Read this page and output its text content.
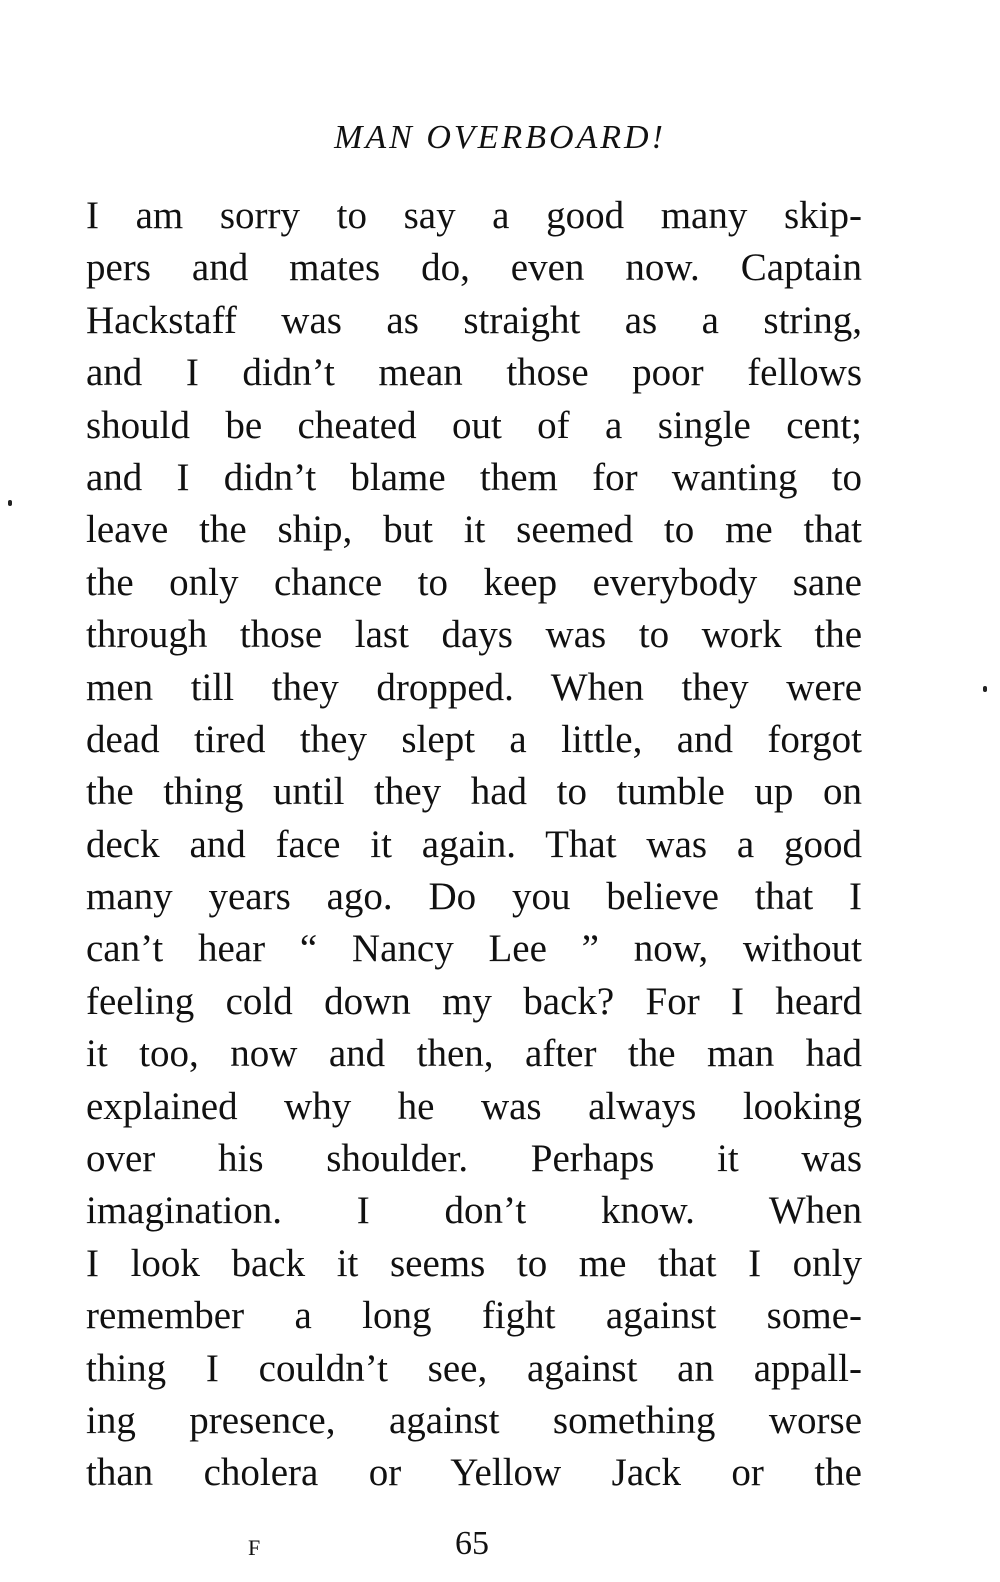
MAN OVERBOARD!
I am sorry to say a good many skip-
pers and mates do, even now. Captain
Hackstaff was as straight as a string,
and I didn’t mean those poor fellows
should be cheated out of a single cent;
and I didn’t blame them for wanting to
leave the ship, but it seemed to me that
the only chance to keep everybody sane
through those last days was to work the
men till they dropped. When they were
dead tired they slept a little, and forgot
the thing until they had to tumble up on
deck and face it again. That was a good
many years ago. Do you believe that I
can’t hear “ Nancy Lee ” now, without
feeling cold down my back? For I heard
it too, now and then, after the man had
explained why he was always looking
over his shoulder. Perhaps it was
imagination. I don’t know. When
I look back it seems to me that I only
remember a long fight against some-
thing I couldn’t see, against an appall-
ing presence, against something worse
than cholera or Yellow Jack or the
F	65
